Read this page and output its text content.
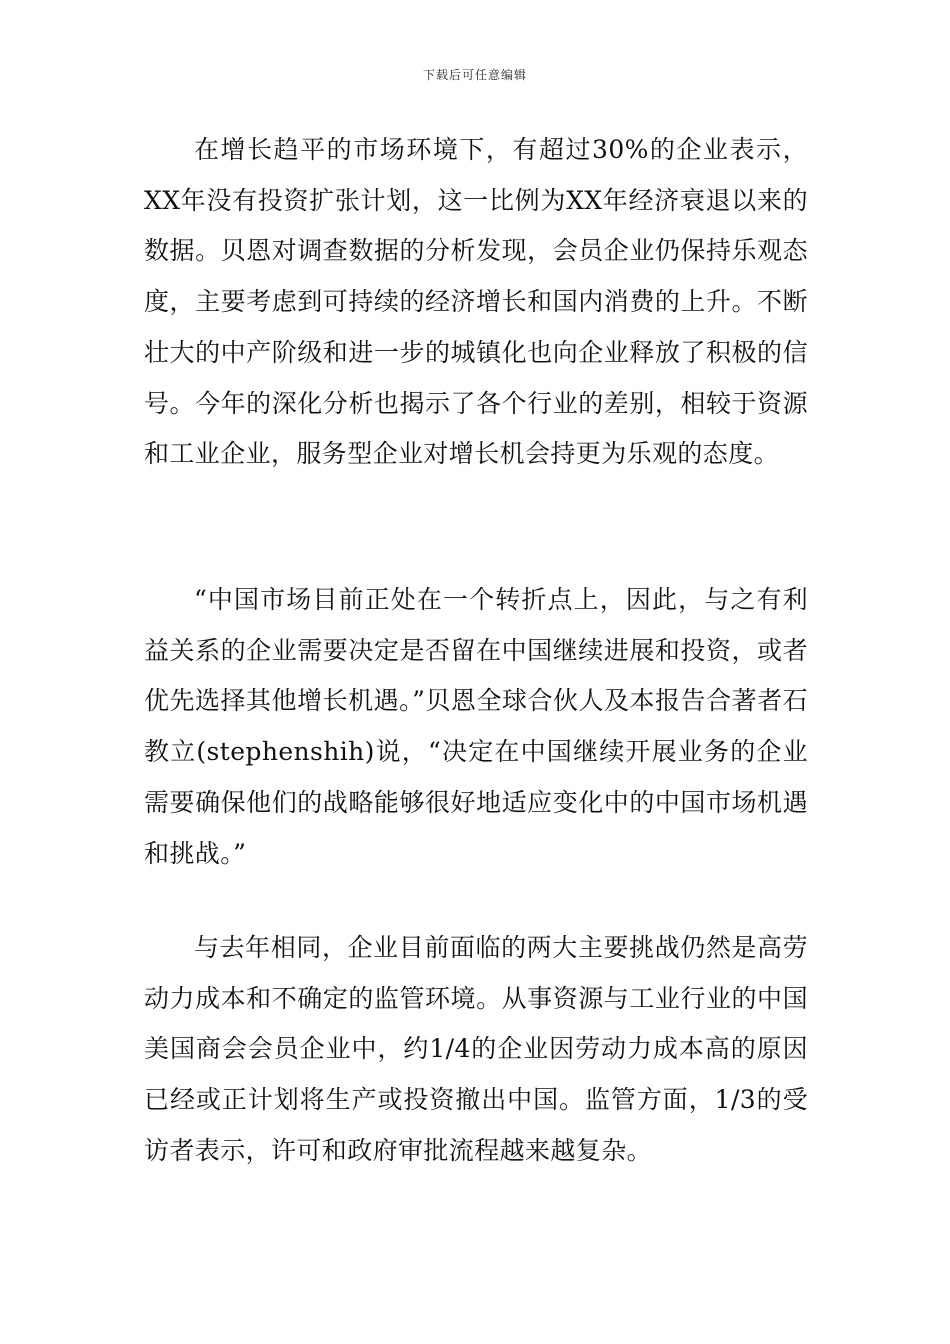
下载后可任意编辑

在增长趋平的市场环境下，有超过30%的企业表示，XX年没有投资扩张计划，这一比例为XX年经济衰退以来的数据。贝恩对调查数据的分析发现，会员企业仍保持乐观态度，主要考虑到可持续的经济增长和国内消费的上升。不断壮大的中产阶级和进一步的城镇化也向企业释放了积极的信号。今年的深化分析也揭示了各个行业的差别，相较于资源和工业企业，服务型企业对增长机会持更为乐观的态度。

“中国市场目前正处在一个转折点上，因此，与之有利益关系的企业需要决定是否留在中国继续进展和投资，或者优先选择其他增长机遇。”贝恩全球合伙人及本报告合著者石教立(stephenshih)说，“决定在中国继续开展业务的企业需要确保他们的战略能够很好地适应变化中的中国市场机遇和挑战。”

与去年相同，企业目前面临的两大主要挑战仍然是高劳动力成本和不确定的监管环境。从事资源与工业行业的中国美国商会会员企业中，约1/4的企业因劳动力成本高的原因已经或正计划将生产或投资撤出中国。监管方面，1/3的受访者表示，许可和政府审批流程越来越复杂。
